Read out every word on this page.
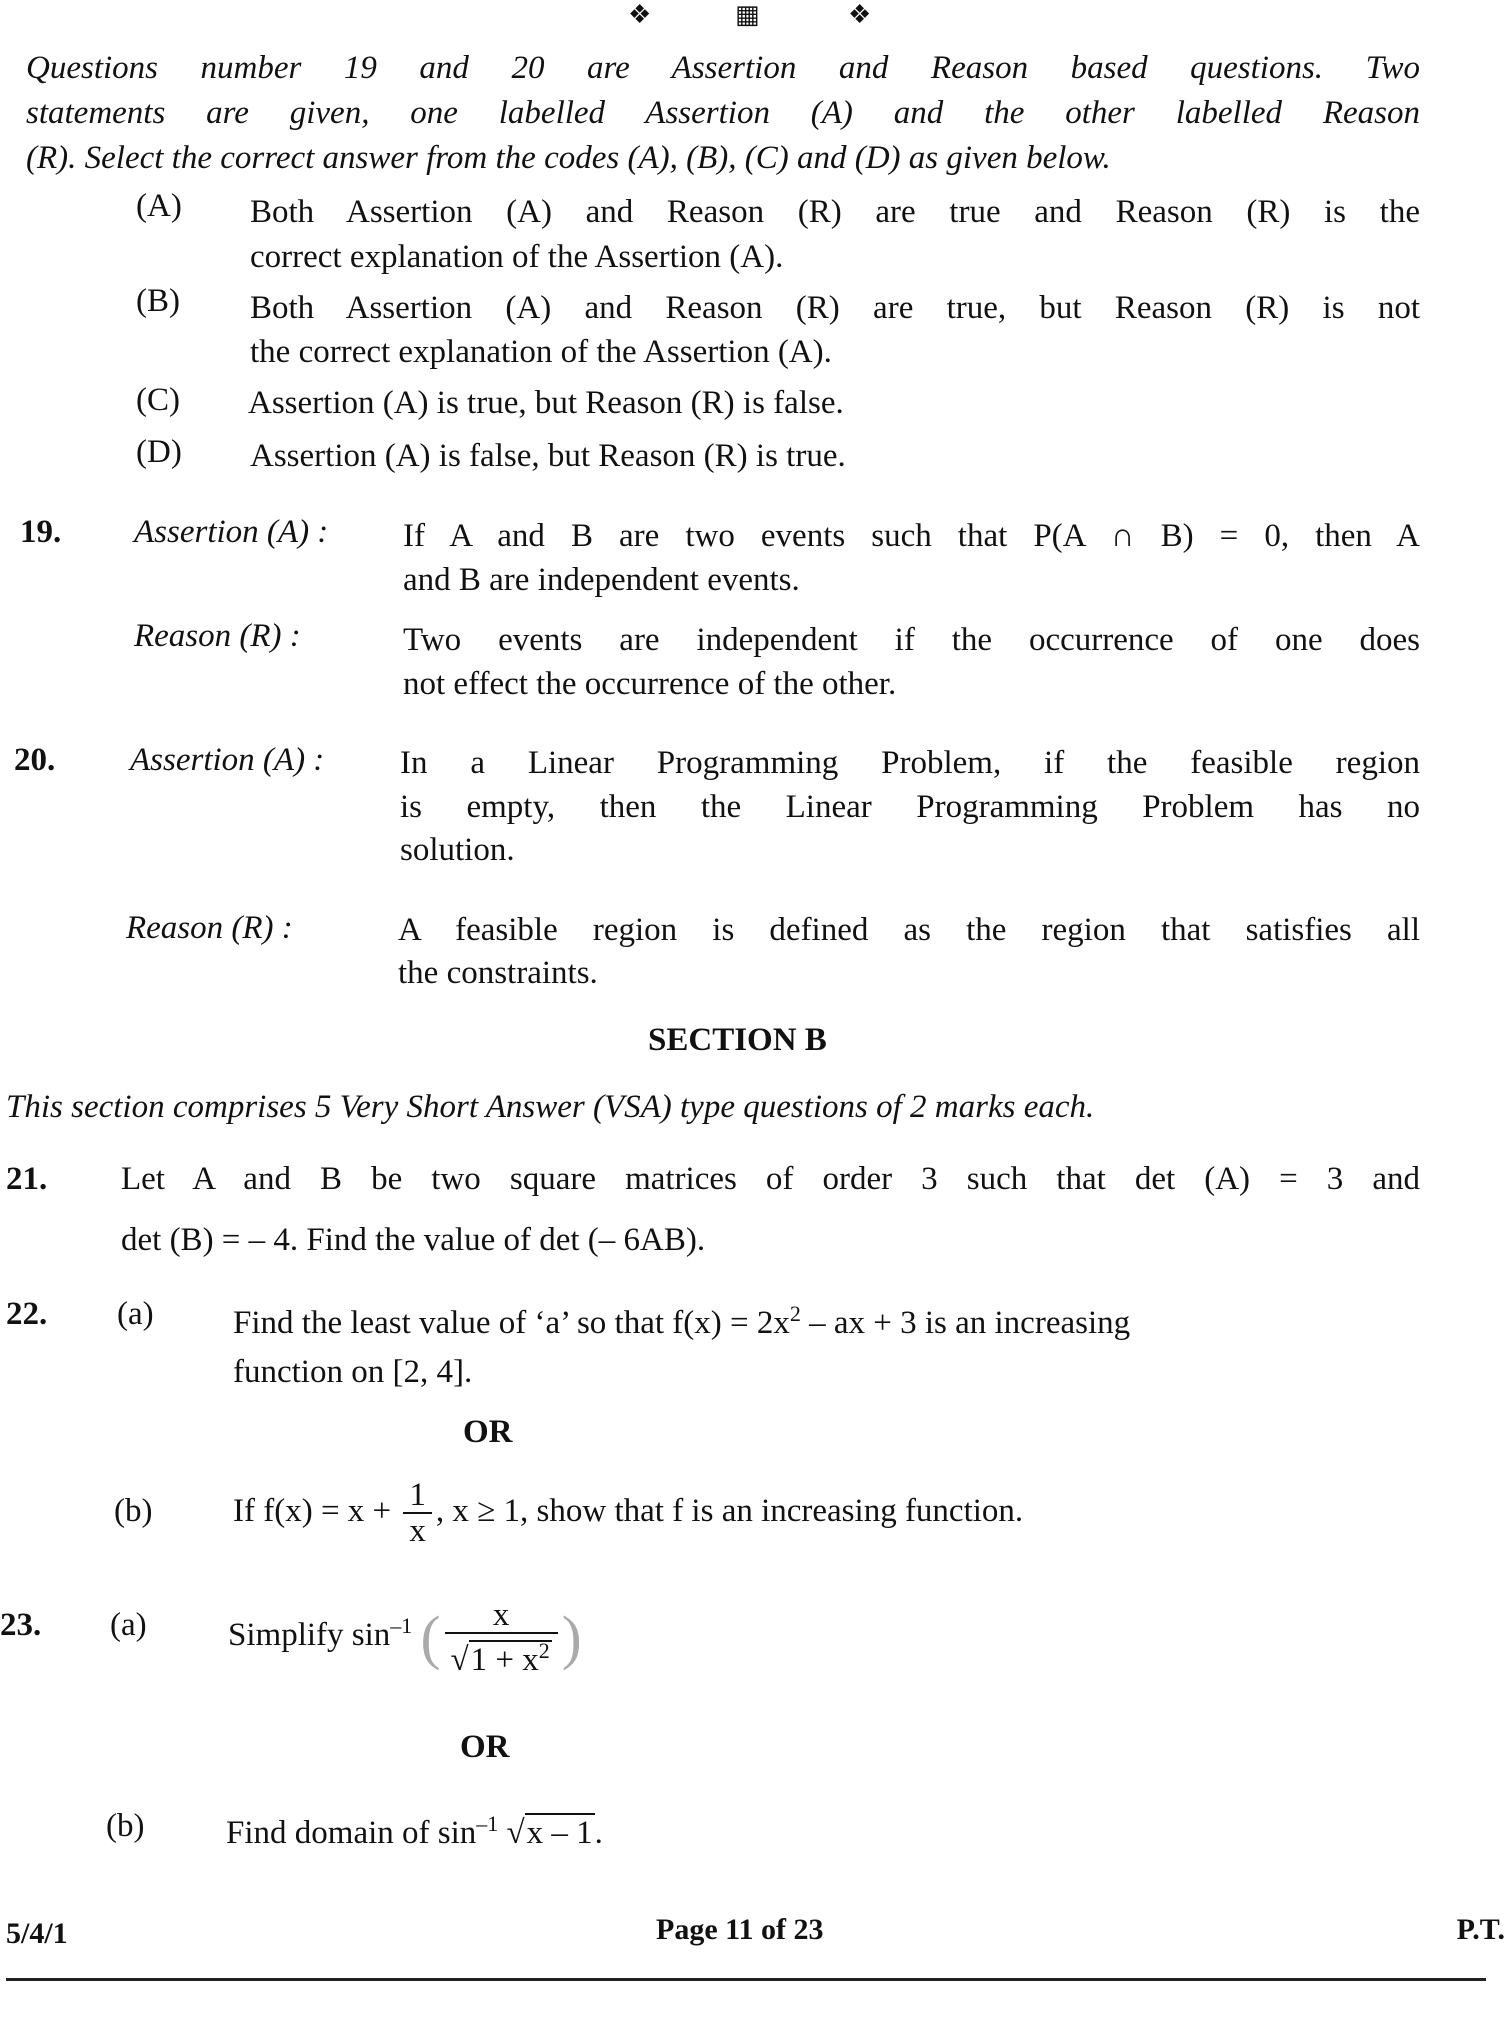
❖	▦	❖
Questions number 19 and 20 are Assertion and Reason based questions. Two
statements are given, one labelled Assertion (A) and the other labelled Reason
(R). Select the correct answer from the codes (A), (B), (C) and (D) as given below.
(A) Both Assertion (A) and Reason (R) are true and Reason (R) is the
correct explanation of the Assertion (A).
(B) Both Assertion (A) and Reason (R) are true, but Reason (R) is not
the correct explanation of the Assertion (A).
(C) Assertion (A) is true, but Reason (R) is false.
(D) Assertion (A) is false, but Reason (R) is true.
19. Assertion (A) : If A and B are two events such that P(A ∩ B) = 0, then A
and B are independent events.
Reason (R) :	Two events are independent if the occurrence of one does
not effect the occurrence of the other.
20. Assertion (A) : In a Linear Programming Problem, if the feasible region
is empty, then the Linear Programming Problem has no
solution.
Reason (R) :	A feasible region is defined as the region that satisfies all
the constraints.
SECTION B
This section comprises 5 Very Short Answer (VSA) type questions of 2 marks each.
21. Let A and B be two square matrices of order 3 such that det (A) = 3 and
det (B) = – 4. Find the value of det (– 6AB).
22. (a) Find the least value of ‘a’ so that $f(x) = 2x^2$ – ax + 3 is an increasing
function on [2, 4].
OR
(b) If $f(x) = x + \frac{1}{x}$ , x ≥ 1, show that f is an increasing function.
23. (a) Simplify $\sin^{-1}$ ( $\frac{x}{√1 + x^2}$ )
OR
(b) Find domain of $\sin^{-1} √x - 1$.
5/4/1	Page 11 of 23	P.T.
